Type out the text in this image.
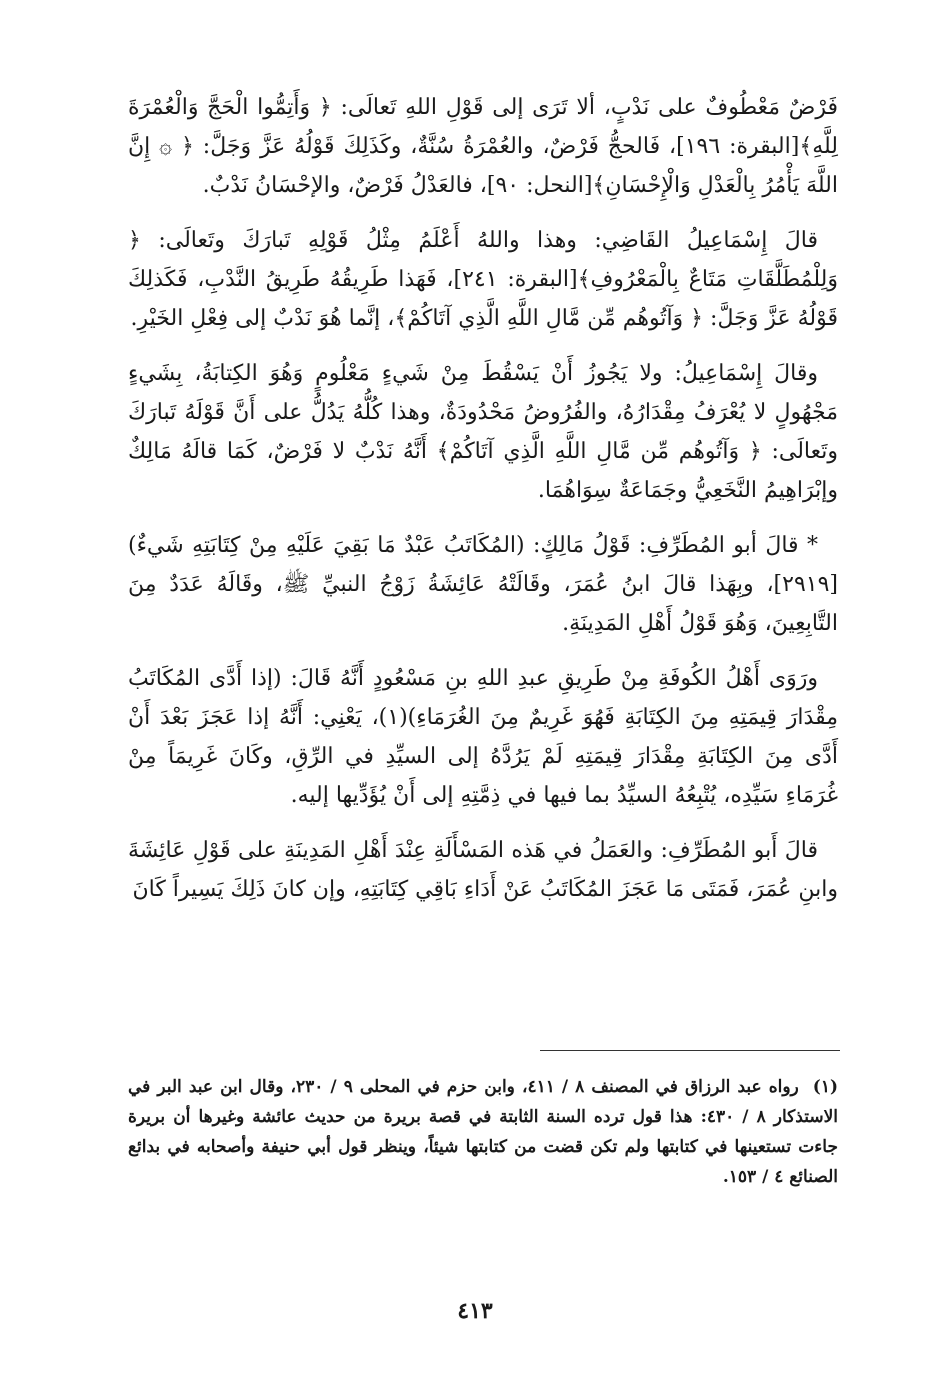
فَرْضٌ مَعْطُوفٌ على نَدْبٍ، ألا تَرَى إلى قَوْلِ اللهِ تَعالَى: ﴿ وَأَتِمُّوا الْحَجَّ وَالْعُمْرَةَ لِلَّهِ﴾[البقرة: ١٩٦]، فَالحجُّ فَرْضٌ، والعُمْرَةُ سُنَّةٌ، وكَذَلِكَ قَوْلُهُ عَزَّ وَجَلَّ: ﴿ ۞ إِنَّ اللَّهَ يَأْمُرُ بِالْعَدْلِ وَالْإِحْسَانِ﴾[النحل: ٩٠]، فالعَدْلُ فَرْضٌ، والإحْسَانُ نَدْبٌ.

قالَ إِسْمَاعِيلُ القَاضِي: وهذا واللهُ أَعْلَمُ مِثْلُ قَوْلِهِ تَبارَكَ وتَعالَى: ﴿ وَلِلْمُطَلَّقَاتِ مَتَاعٌ بِالْمَعْرُوفِ﴾[البقرة: ٢٤١]، فَهَذا طَرِيقُهُ طَرِيقُ النَّدْبِ، فَكَذلِكَ قَوْلُهُ عَزَّ وَجَلَّ: ﴿ وَآتُوهُم مِّن مَّالِ اللَّهِ الَّذِي آتَاكُمْ﴾، إنَّما هُوَ نَدْبٌ إلى فِعْلِ الخَيْرِ.

وقالَ إِسْمَاعِيلُ: ولا يَجُوزُ أَنْ يَسْقُطَ مِنْ شَيءٍ مَعْلُومٍ وَهُوَ الكِتابَةُ، بِشَيءٍ مَجْهُولٍ لا يُعْرَفُ مِقْدَارُهُ، والفُرُوضُ مَحْدُودَةٌ، وهذا كُلُّهُ يَدُلُّ على أَنَّ قَوْلَهُ تَبارَكَ وتَعالَى: ﴿ وَآتُوهُم مِّن مَّالِ اللَّهِ الَّذِي آتَاكُمْ﴾ أَنَّهُ نَدْبٌ لا فَرْضٌ، كَمَا قالَهُ مَالِكٌ وإبْرَاهِيمُ النَّخَعِيُّ وجَمَاعَةٌ سِوَاهُمَا.

* قالَ أبو المُطَرِّفِ: قَوْلُ مَالِكٍ: (المُكَاتَبُ عَبْدٌ مَا بَقِيَ عَلَيْهِ مِنْ كِتَابَتِهِ شَيءٌ)[٢٩١٩]، وبِهَذا قالَ ابنُ عُمَرَ، وقَالَتْهُ عَائِشَةُ زَوْجُ النبيِّ ﷺ، وقَالَهُ عَدَدٌ مِنَ التَّابِعِينَ، وَهُوَ قَوْلُ أَهْلِ المَدِينَةِ.

ورَوَى أَهْلُ الكُوفَةِ مِنْ طَرِيقِ عبدِ اللهِ بنِ مَسْعُودٍ أَنَّهُ قَالَ: (إذا أَدَّى المُكَاتَبُ مِقْدَارَ قِيمَتِهِ مِنَ الكِتَابَةِ فَهُوَ غَرِيمٌ مِنَ الغُرَمَاءِ)(١)، يَعْنِي: أَنَّهُ إذا عَجَزَ بَعْدَ أَنْ أَدَّى مِنَ الكِتَابَةِ مِقْدَارَ قِيمَتِهِ لَمْ يَرُدَّهُ إلى السيِّدِ في الرِّقِ، وكَانَ غَرِيمَاً مِنْ غُرَمَاءِ سَيِّدِه، يُتْبِعُهُ السيِّدُ بما فيها في ذِمَّتِهِ إلى أَنْ يُؤَدِّيها إليه.

قالَ أَبو المُطَرِّفِ: والعَمَلُ في هَذه المَسْأَلَةِ عِنْدَ أَهْلِ المَدِينَةِ على قَوْلِ عَائِشَةَ وابنِ عُمَرَ، فَمَتَى مَا عَجَزَ المُكَاتَبُ عَنْ أَدَاءِ بَاقِي كِتَابَتِهِ، وإن كانَ ذَلِكَ يَسِيراً كَانَ

(١)رواه عبد الرزاق في المصنف ٨ / ٤١١، وابن حزم في المحلى ٩ / ٢٣٠، وقال ابن عبد البر في الاستذكار ٨ / ٤٣٠: هذا قول ترده السنة الثابتة في قصة بريرة من حديث عائشة وغيرها أن بريرة جاءت تستعينها في كتابتها ولم تكن قضت من كتابتها شيئاً، وينظر قول أبي حنيفة وأصحابه في بدائع الصنائع ٤ / ١٥٣.

٤١٣
